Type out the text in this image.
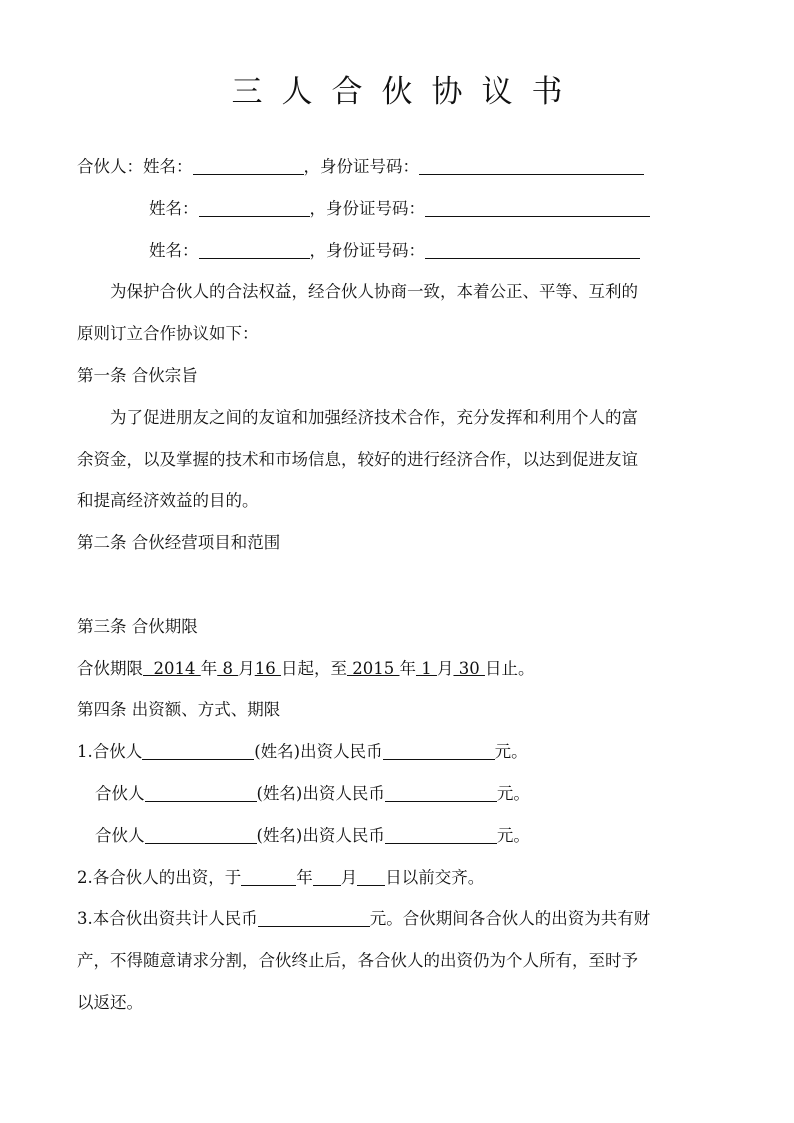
三人合伙协议书
合伙人：姓名：	，身份证号码：
姓名：	，身份证号码：
姓名：	，身份证号码：
为保护合伙人的合法权益，经合伙人协商一致，本着公正、平等、互利的
原则订立合作协议如下：
第一条 合伙宗旨
为了促进朋友之间的友谊和加强经济技术合作，充分发挥和利用个人的富
余资金，以及掌握的技术和市场信息，较好的进行经济合作，以达到促进友谊
和提高经济效益的目的。
第二条 合伙经营项目和范围
第三条 合伙期限
合伙期限  2014 年 8 月16 日起，至 2015 年 1 月 30 日止。
第四条 出资额、方式、期限
1.合伙人	(姓名)出资人民币	元。
合伙人	(姓名)出资人民币	元。
合伙人	(姓名)出资人民币	元。
2.各合伙人的出资，于	年 月 日以前交齐。
3.本合伙出资共计人民币	元。合伙期间各合伙人的出资为共有财
产，不得随意请求分割，合伙终止后，各合伙人的出资仍为个人所有，至时予
以返还。
